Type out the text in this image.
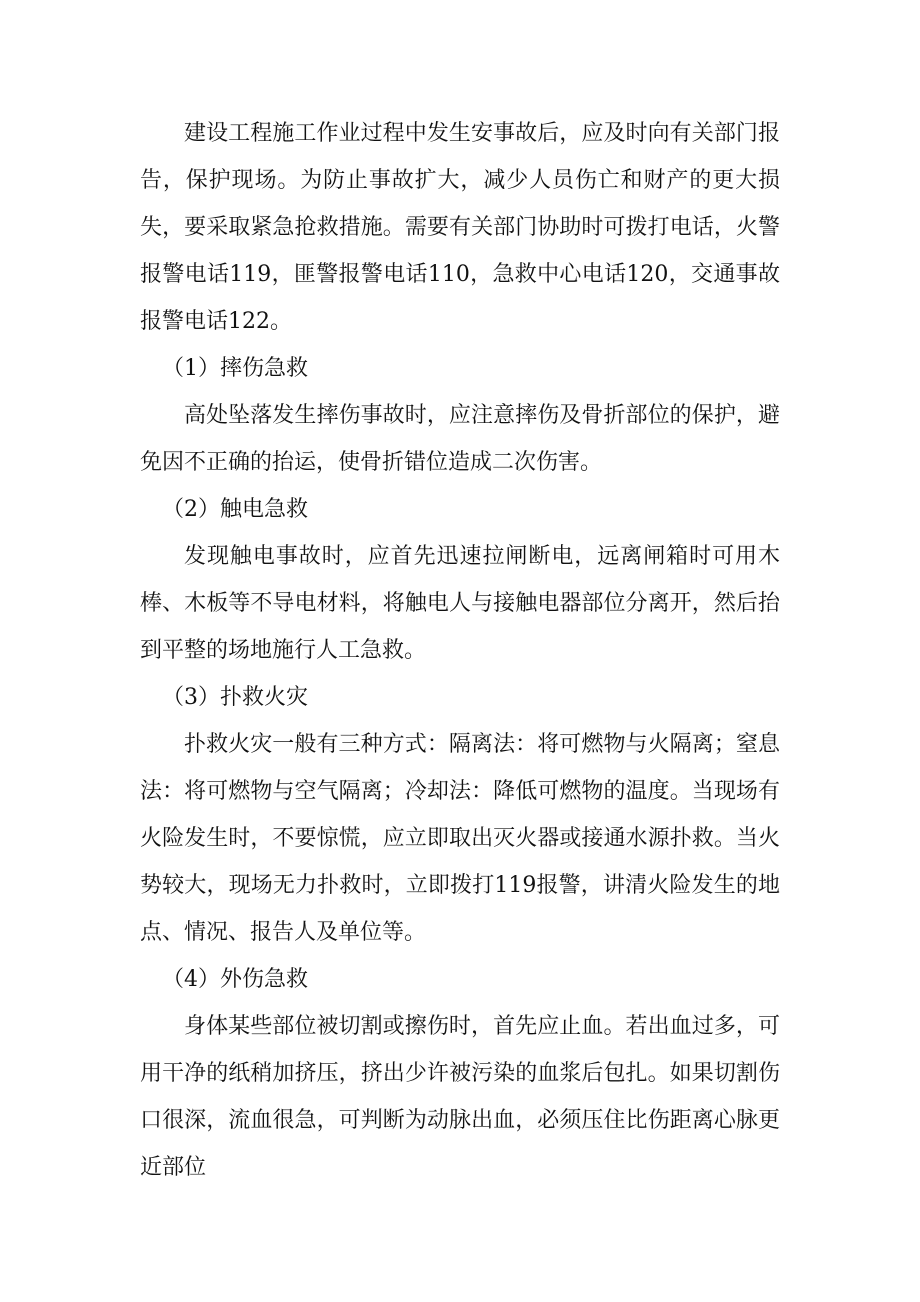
建设工程施工作业过程中发生安事故后，应及时向有关部门报告，保护现场。为防止事故扩大，减少人员伤亡和财产的更大损失，要采取紧急抢救措施。需要有关部门协助时可拨打电话，火警报警电话119，匪警报警电话110，急救中心电话120，交通事故报警电话122。

（1）摔伤急救

高处坠落发生摔伤事故时，应注意摔伤及骨折部位的保护，避免因不正确的抬运，使骨折错位造成二次伤害。

（2）触电急救

发现触电事故时，应首先迅速拉闸断电，远离闸箱时可用木棒、木板等不导电材料，将触电人与接触电器部位分离开，然后抬到平整的场地施行人工急救。

（3）扑救火灾

扑救火灾一般有三种方式：隔离法：将可燃物与火隔离；窒息法：将可燃物与空气隔离；冷却法：降低可燃物的温度。当现场有火险发生时，不要惊慌，应立即取出灭火器或接通水源扑救。当火势较大，现场无力扑救时，立即拨打119报警，讲清火险发生的地点、情况、报告人及单位等。

（4）外伤急救

身体某些部位被切割或擦伤时，首先应止血。若出血过多，可用干净的纸稍加挤压，挤出少许被污染的血浆后包扎。如果切割伤口很深，流血很急，可判断为动脉出血，必须压住比伤距离心脉更近部位
